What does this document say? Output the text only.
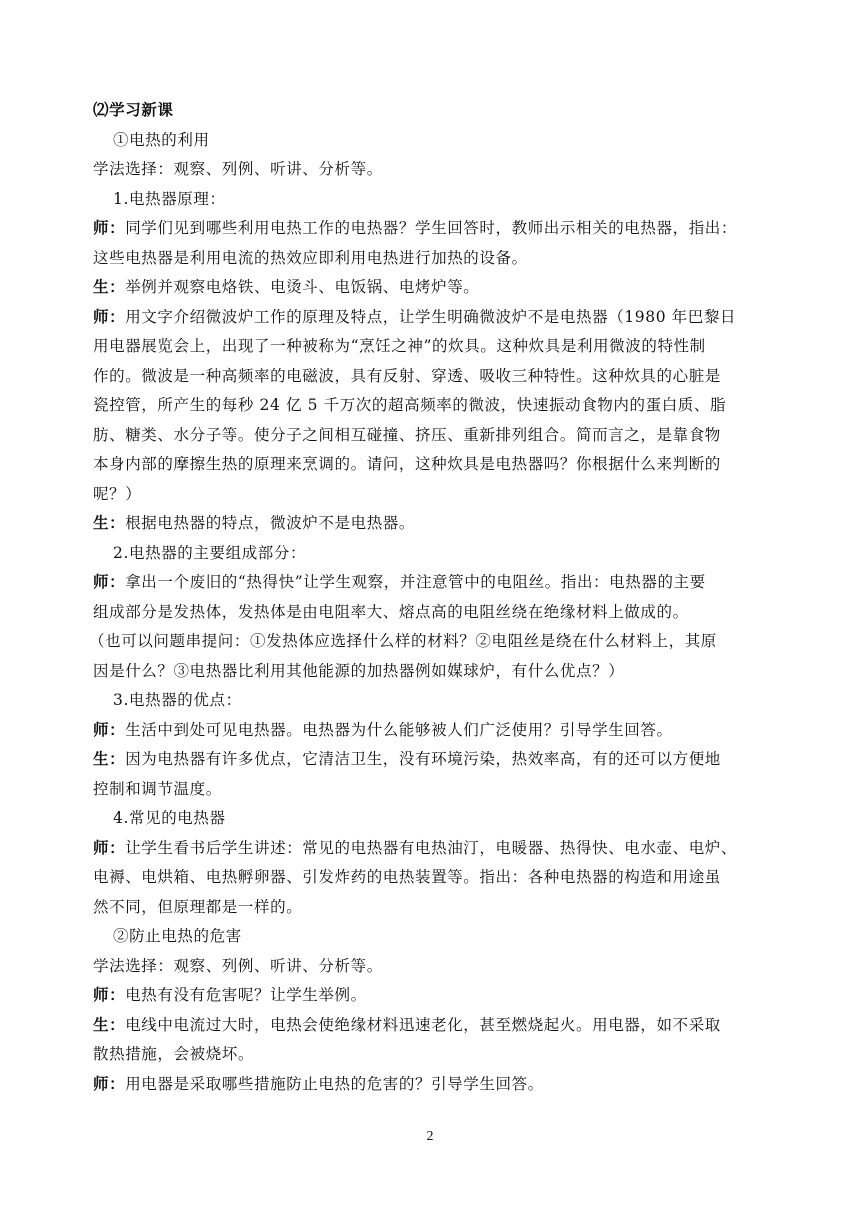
⑵学习新课
①电热的利用
学法选择：观察、列例、听讲、分析等。
1.电热器原理：
师：同学们见到哪些利用电热工作的电热器？学生回答时，教师出示相关的电热器，指出：
这些电热器是利用电流的热效应即利用电热进行加热的设备。
生：举例并观察电烙铁、电烫斗、电饭锅、电烤炉等。
师：用文字介绍微波炉工作的原理及特点，让学生明确微波炉不是电热器（1980 年巴黎日
用电器展览会上，出现了一种被称为“烹饪之神”的炊具。这种炊具是利用微波的特性制
作的。微波是一种高频率的电磁波，具有反射、穿透、吸收三种特性。这种炊具的心脏是
瓷控管，所产生的每秒 24 亿 5 千万次的超高频率的微波，快速振动食物内的蛋白质、脂
肪、糖类、水分子等。使分子之间相互碰撞、挤压、重新排列组合。简而言之，是靠食物
本身内部的摩擦生热的原理来烹调的。请问，这种炊具是电热器吗？你根据什么来判断的
呢？）
生：根据电热器的特点，微波炉不是电热器。
2.电热器的主要组成部分：
师：拿出一个废旧的“热得快”让学生观察，并注意管中的电阻丝。指出：电热器的主要
组成部分是发热体，发热体是由电阻率大、熔点高的电阻丝绕在绝缘材料上做成的。
（也可以问题串提问：①发热体应选择什么样的材料？②电阻丝是绕在什么材料上，其原
因是什么？③电热器比利用其他能源的加热器例如媒球炉，有什么优点？）
3.电热器的优点：
师：生活中到处可见电热器。电热器为什么能够被人们广泛使用？引导学生回答。
生：因为电热器有许多优点，它清洁卫生，没有环境污染，热效率高，有的还可以方便地
控制和调节温度。
4.常见的电热器
师：让学生看书后学生讲述：常见的电热器有电热油汀，电暖器、热得快、电水壶、电炉、
电褥、电烘箱、电热孵卵器、引发炸药的电热装置等。指出：各种电热器的构造和用途虽
然不同，但原理都是一样的。
②防止电热的危害
学法选择：观察、列例、听讲、分析等。
师：电热有没有危害呢？让学生举例。
生：电线中电流过大时，电热会使绝缘材料迅速老化，甚至燃烧起火。用电器，如不采取
散热措施，会被烧坏。
师：用电器是采取哪些措施防止电热的危害的？引导学生回答。
2
